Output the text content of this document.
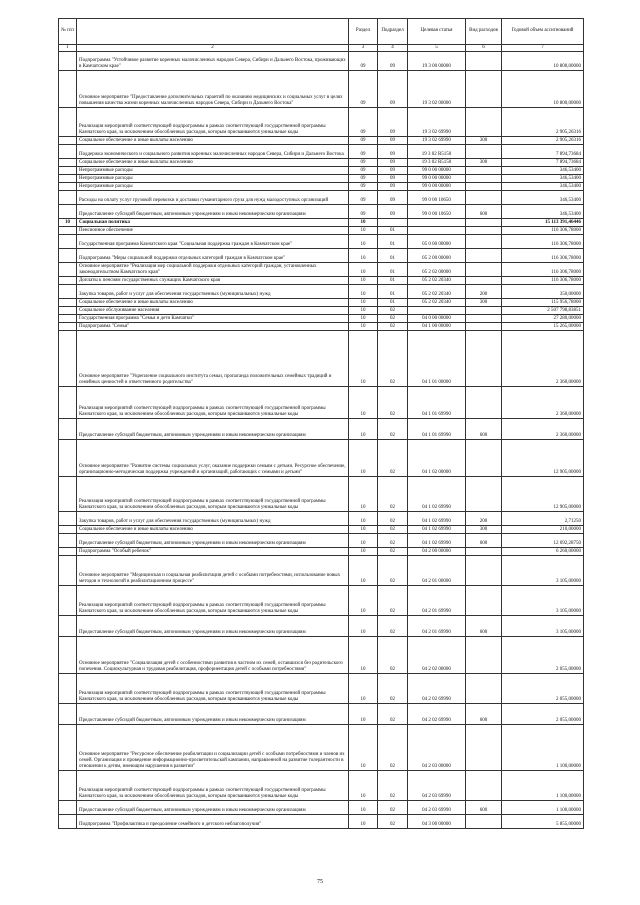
№ п/п		Раздел	Подраздел	Целевая статья	Вид расходов	Годовой объем ассигнований
1	2	3	4	5	6	7
	Подпрограмма "Устойчивое развитие коренных малочисленных народов Севера, Сибири и Дальнего Востока, проживающих в Камчатском крае"	09	09	19 3 00 00000		10 800,00000
	Основное мероприятие "Предоставление дополнительных гарантий по оказанию медицинских и социальных услуг в целях повышения качества жизни коренных малочисленных народов Севера, Сибири и Дальнего Востока"	09	09	19 3 02 00000		10 800,00000
	Реализация мероприятий соответствующей подпрограммы в рамках соответствующей государственной программы Камчатского края, за исключением обособленных расходов, которым присваиваются уникальные коды	09	09	19 3 02 69990		2 905,26316
	Социальное обеспечение и иные выплаты населению	09	09	19 3 02 69990	300	2 905,26316
	Поддержка экономического и социального развития коренных малочисленных народов Севера, Сибири и Дальнего Востока	09	09	19 3 02 R5150		7 894,73684
	Социальное обеспечение и иные выплаты населению	09	09	19 3 02 R5150	300	7 894,73684
	Непрограммные расходы	09	09	99 0 00 00000		346,53400
	Непрограммные расходы	09	09	99 0 00 00000		346,53400
	Непрограммные расходы	09	09	99 0 00 00000		346,53400
	Расходы на оплату услуг грузовой перевозки и доставки гуманитарного груза для нужд малодоступных организаций	09	09	99 0 00 10650		346,53400
	Предоставление субсидий бюджетным, автономным учреждениям и иным некоммерческим организациям	09	09	99 0 00 10650	600	346,53400
10	Социальная политика	10				15 113 391,46446
	Пенсионное обеспечение	10	01			116 306,78000
	Государственная программа Камчатского края "Социальная поддержка граждан в Камчатском крае"	10	01	05 0 00 00000		116 306,78000
	Подпрограмма "Меры социальной поддержки отдельных категорий граждан в Камчатском крае"	10	01	05 2 00 00000		116 306,78000
	Основное мероприятие "Реализация мер социальной поддержки отдельных категорий граждан, установленных законодательством Камчатского края"	10	01	05 2 02 00000		116 306,78000
	Доплаты к пенсиям государственных служащих Камчатского края	10	01	05 2 02 20340		116 306,78000
	Закупка товаров, работ и услуг для обеспечения государственных (муниципальных) нужд	10	01	05 2 02 20340	200	350,00000
	Социальное обеспечение и иные выплаты населению	10	01	05 2 02 20340	300	115 956,78000
	Социальное обслуживание населения	10	02			2 507 798,83851
	Государственная программа "Семья и дети Камчатки"	10	02	04 0 00 00000		27 280,00000
	Подпрограмма "Семья"	10	02	04 1 00 00000		15 265,00000
	Основное мероприятие "Укрепление социального института семьи, пропаганда положительных семейных традиций и семейных ценностей и ответственного родительства"	10	02	04 1 01 00000		2 360,00000
	Реализация мероприятий соответствующей подпрограммы в рамках соответствующей государственной программы Камчатского края, за исключением обособленных расходов, которым присваиваются уникальные коды	10	02	04 1 01 69990		2 360,00000
	Предоставление субсидий бюджетным, автономным учреждениям и иным некоммерческим организациям	10	02	04 1 01 69990	600	2 360,00000
	Основное мероприятие "Развитие системы социальных услуг, оказание поддержки семьям с детьми. Ресурсное обеспечение, организационно-методическая поддержка учреждений и организаций, работающих с семьями и детьми"	10	02	04 1 02 00000		12 905,00000
	Реализация мероприятий соответствующей подпрограммы в рамках соответствующей государственной программы Камчатского края, за исключением обособленных расходов, которым присваиваются уникальные коды	10	02	04 1 02 69990		12 905,00000
	Закупка товаров, работ и услуг для обеспечения государственных (муниципальных) нужд	10	02	04 1 02 69990	200	2,71250
	Социальное обеспечение и иные выплаты населению	10	02	04 1 02 69990	300	210,00000
	Предоставление субсидий бюджетным, автономным учреждениям и иным некоммерческим организациям	10	02	04 1 02 69990	600	12 692,28750
	Подпрограмма "Особый ребенок"	10	02	04 2 00 00000		6 260,00000
	Основное мероприятие "Медицинская и социальная реабилитация детей с особыми потребностями, использование новых методов и технологий в реабилитационном процессе"	10	02	04 2 01 00000		3 105,00000
	Реализация мероприятий соответствующей подпрограммы в рамках соответствующей государственной программы Камчатского края, за исключением обособленных расходов, которым присваиваются уникальные коды	10	02	04 2 01 69990		3 105,00000
	Предоставление субсидий бюджетным, автономным учреждениям и иным некоммерческим организациям	10	02	04 2 01 69990	600	3 105,00000
	Основное мероприятие "Социализация детей с особенностями развития в частном их семей, оставшихся без родительского попечения. Социокультурная и трудовая реабилитация, профориентация детей с особыми потребностями"	10	02	04 2 02 00000		2 055,00000
	Реализация мероприятий соответствующей подпрограммы в рамках соответствующей государственной программы Камчатского края, за исключением обособленных расходов, которым присваиваются уникальные коды	10	02	04 2 02 69990		2 055,00000
	Предоставление субсидий бюджетным, автономным учреждениям и иным некоммерческим организациям	10	02	04 2 02 69990	600	2 055,00000
	Основное мероприятие "Ресурсное обеспечение реабилитации и социализации детей с особыми потребностями и членов их семей. Организация и проведение информационно-просветительской кампании, направленной на развитие толерантности в отношении к детям, имеющим нарушения в развитии"	10	02	04 2 03 00000		1 100,00000
	Реализация мероприятий соответствующей подпрограммы в рамках соответствующей государственной программы Камчатского края, за исключением обособленных расходов, которым присваиваются уникальные коды	10	02	04 2 03 69990		1 100,00000
	Предоставление субсидий бюджетным, автономным учреждениям и иным некоммерческим организациям	10	02	04 2 03 69990	600	1 100,00000
	Подпрограмма "Профилактика и преодоление семейного и детского неблагополучия"	10	02	04 3 00 00000		5 855,00000
75
